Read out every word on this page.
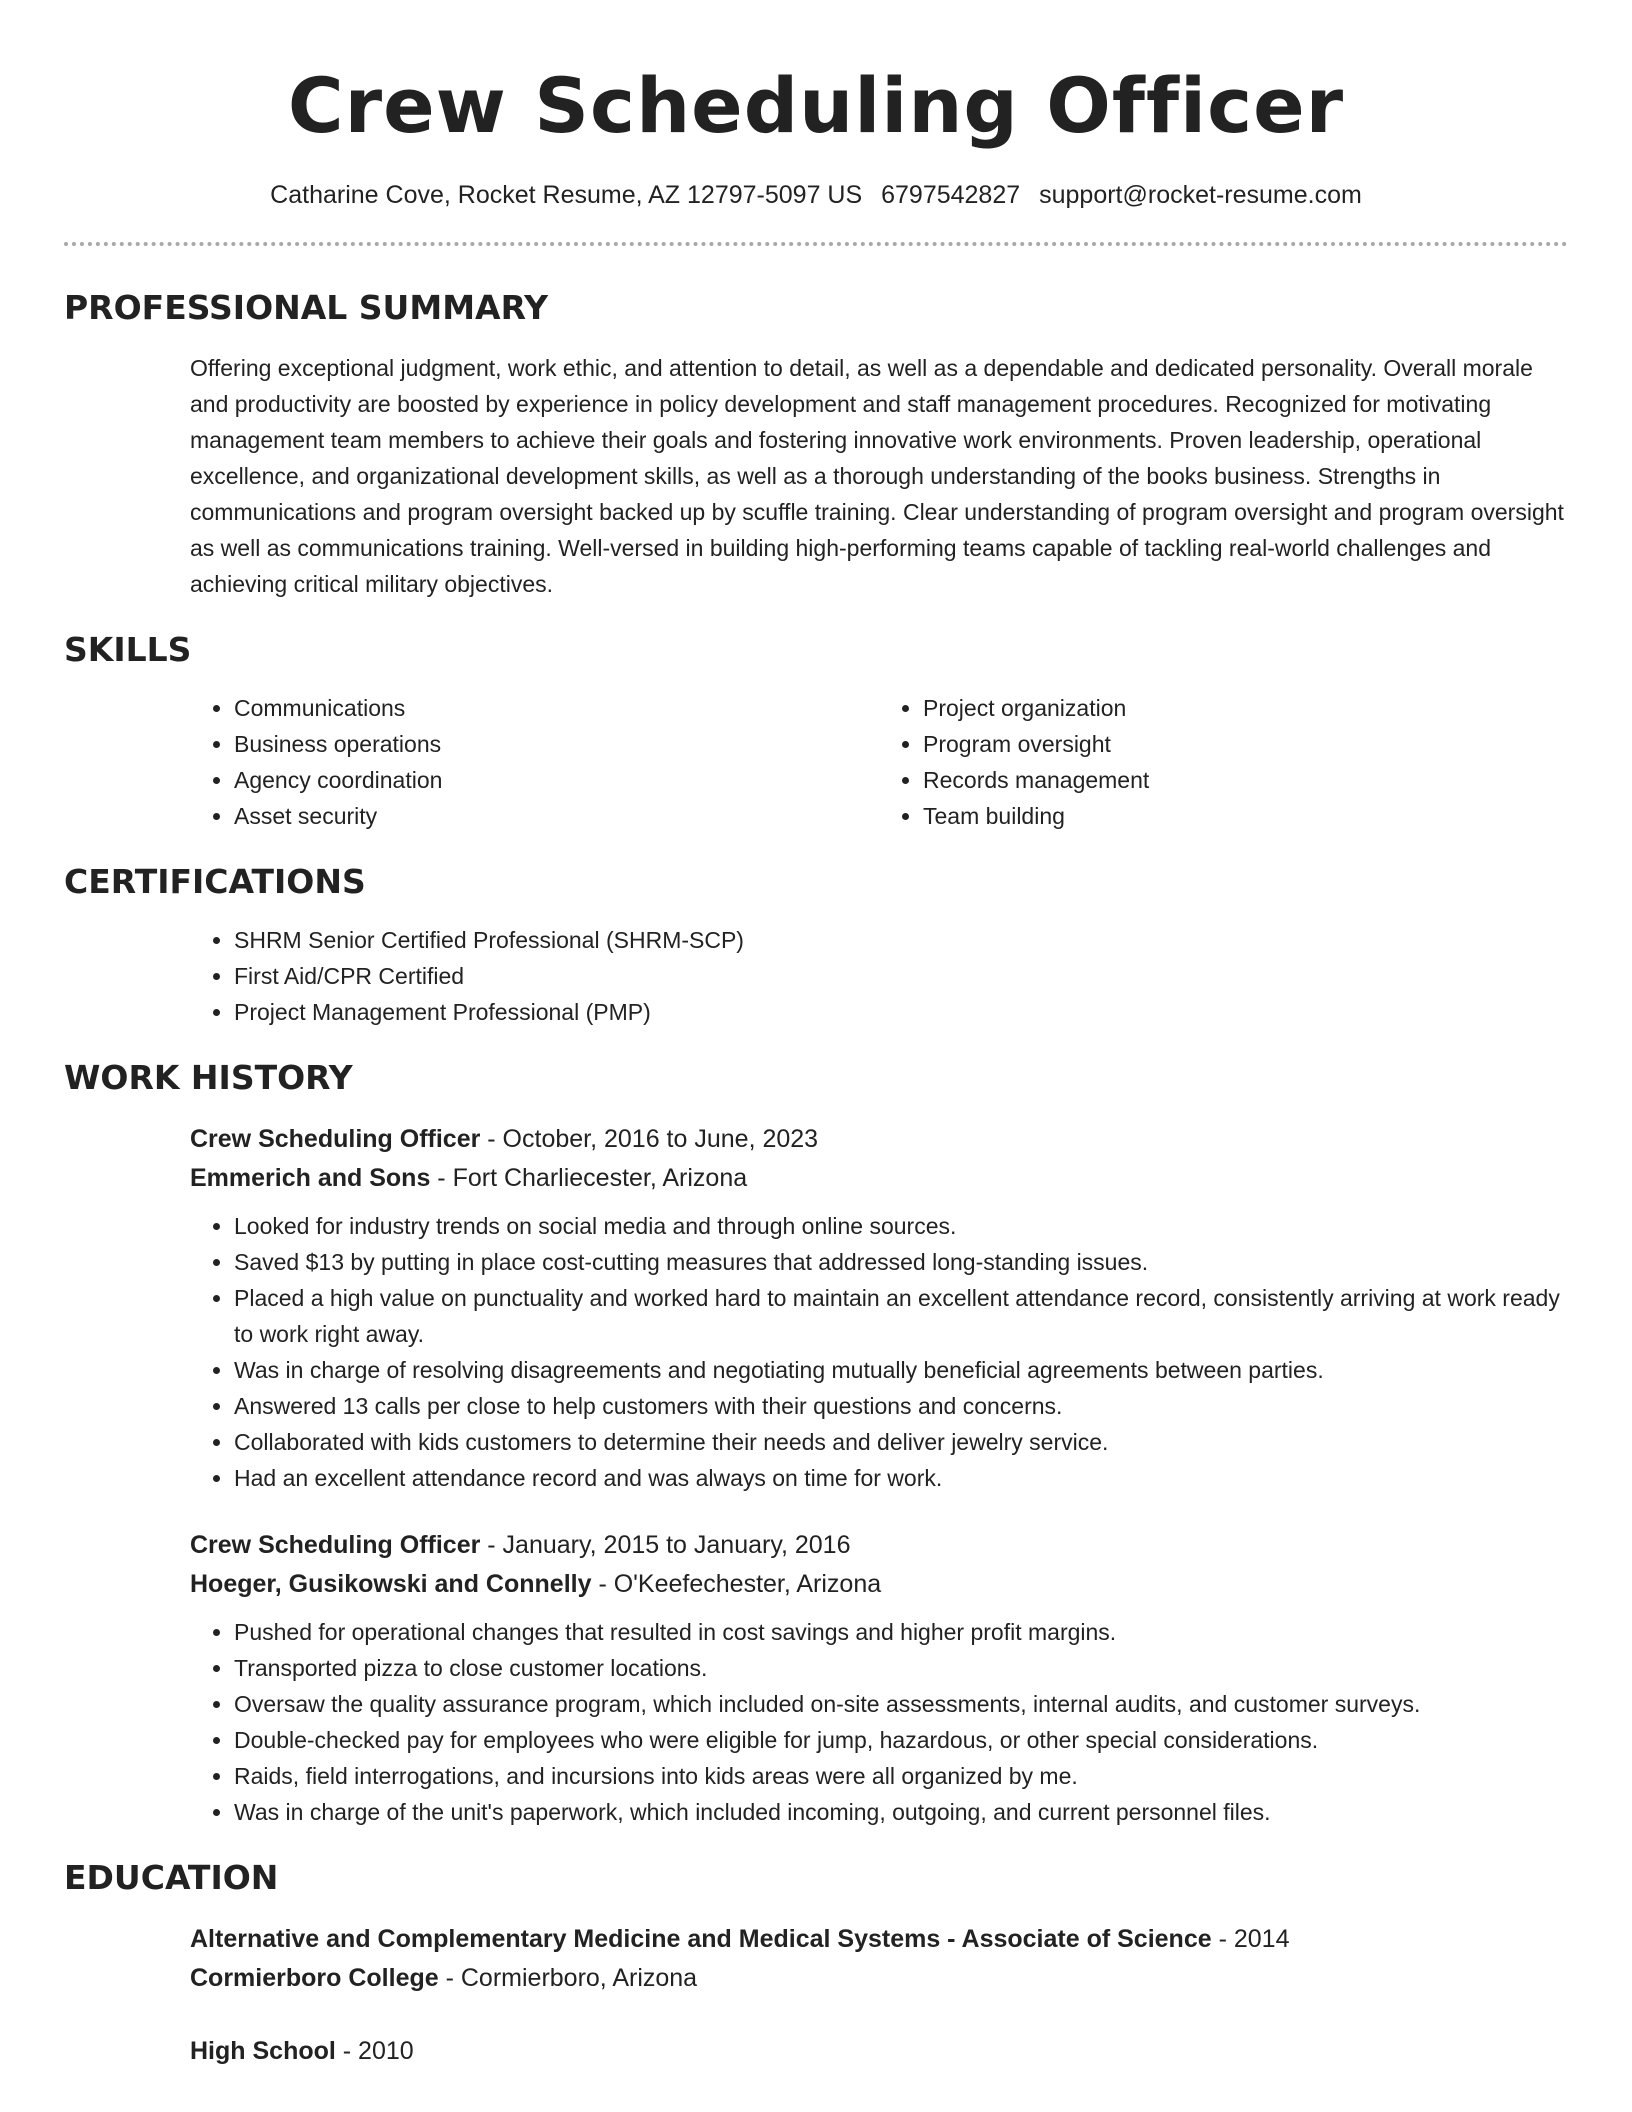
Crew Scheduling Officer
Catharine Cove, Rocket Resume, AZ 12797-5097 US 6797542827 support@rocket-resume.com
PROFESSIONAL SUMMARY
Offering exceptional judgment, work ethic, and attention to detail, as well as a dependable and dedicated personality. Overall morale and productivity are boosted by experience in policy development and staff management procedures. Recognized for motivating management team members to achieve their goals and fostering innovative work environments. Proven leadership, operational excellence, and organizational development skills, as well as a thorough understanding of the books business. Strengths in communications and program oversight backed up by scuffle training. Clear understanding of program oversight and program oversight as well as communications training. Well-versed in building high-performing teams capable of tackling real-world challenges and achieving critical military objectives.
SKILLS
• Communications
• Business operations
• Agency coordination
• Asset security
• Project organization
• Program oversight
• Records management
• Team building
CERTIFICATIONS
• SHRM Senior Certified Professional (SHRM-SCP)
• First Aid/CPR Certified
• Project Management Professional (PMP)
WORK HISTORY
Crew Scheduling Officer - October, 2016 to June, 2023
Emmerich and Sons - Fort Charliecester, Arizona
• Looked for industry trends on social media and through online sources.
• Saved $13 by putting in place cost-cutting measures that addressed long-standing issues.
• Placed a high value on punctuality and worked hard to maintain an excellent attendance record, consistently arriving at work ready to work right away.
• Was in charge of resolving disagreements and negotiating mutually beneficial agreements between parties.
• Answered 13 calls per close to help customers with their questions and concerns.
• Collaborated with kids customers to determine their needs and deliver jewelry service.
• Had an excellent attendance record and was always on time for work.
Crew Scheduling Officer - January, 2015 to January, 2016
Hoeger, Gusikowski and Connelly - O'Keefechester, Arizona
• Pushed for operational changes that resulted in cost savings and higher profit margins.
• Transported pizza to close customer locations.
• Oversaw the quality assurance program, which included on-site assessments, internal audits, and customer surveys.
• Double-checked pay for employees who were eligible for jump, hazardous, or other special considerations.
• Raids, field interrogations, and incursions into kids areas were all organized by me.
• Was in charge of the unit's paperwork, which included incoming, outgoing, and current personnel files.
EDUCATION
Alternative and Complementary Medicine and Medical Systems - Associate of Science - 2014
Cormierboro College - Cormierboro, Arizona
High School - 2010
